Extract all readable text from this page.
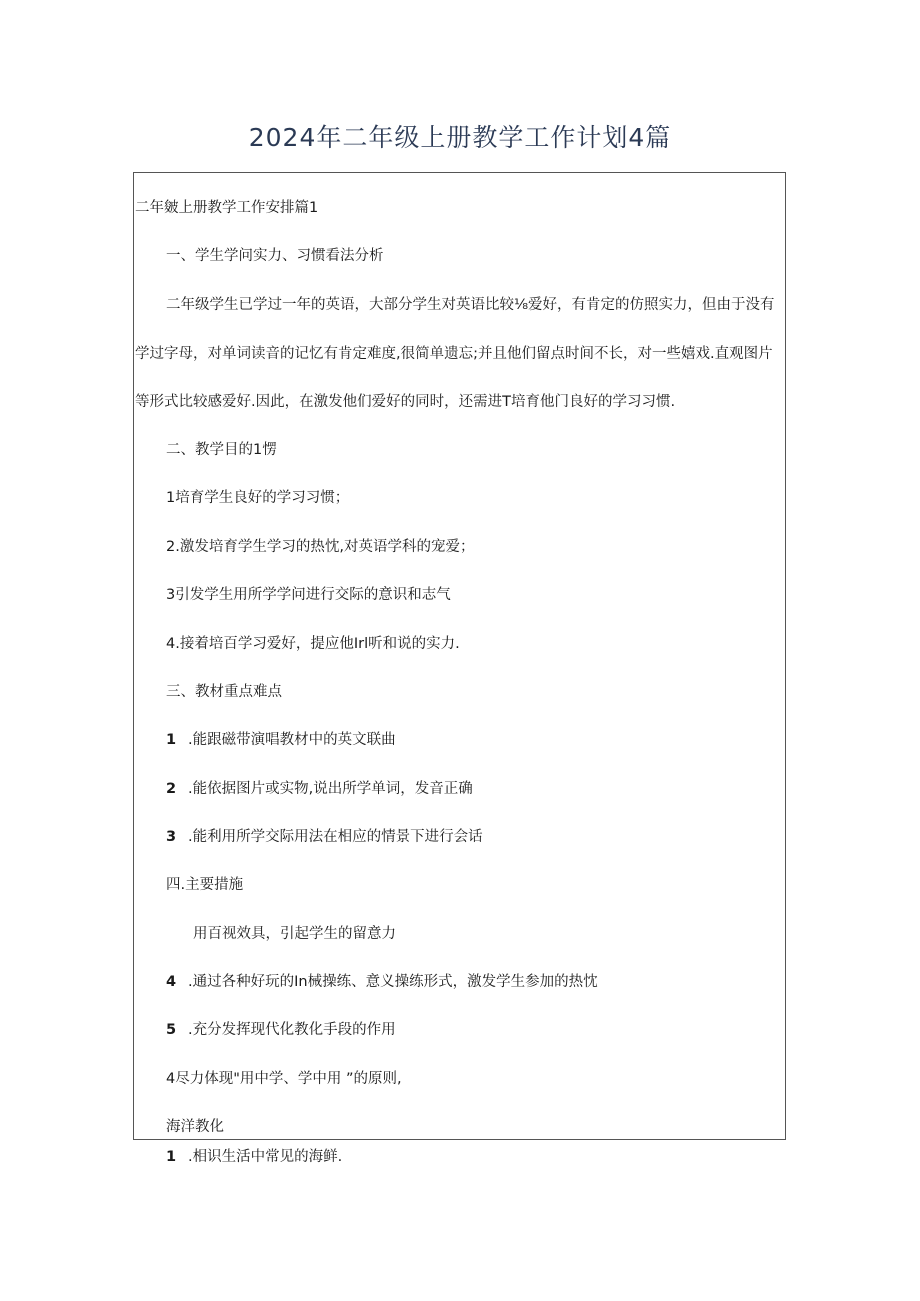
2024年二年级上册教学工作计划4篇
二年皴上册教学工作安排篇1
一、学生学问实力、习惯看法分析
二年级学生已学过一年的英语，大部分学生对英语比较⅛爱好，有肯定的仿照实力，但由于没有
学过字母，对单词读音的记忆有肯定难度,很简单遗忘;并且他们留点时间不长，对一些嬉戏.直观图片
等形式比较感爱好.因此，在激发他们爱好的同时，还需进T培育他门良好的学习习惯.
二、教学目的1愣
1培育学生良好的学习习惯；
2.激发培育学生学习的热忱,对英语学科的宠爱；
3引发学生用所学学问进行交际的意识和志气
4.接着培百学习爱好，提应他Irl听和说的实力.
三、教材重点难点
1 .能跟磁带演唱教材中的英文联曲
2 .能依据图片或实物,说出所学单词，发音正确
3 .能利用所学交际用法在相应的情景下进行会话
四.主要措施
用百视效具，引起学生的留意力
4 .通过各种好玩的In械操练、意义操练形式，激发学生参加的热忱
5 .充分发挥现代化教化手段的作用
4尽力体现"用中学、学中用 ”的原则,
海洋教化
1 .相识生活中常见的海鲜.
